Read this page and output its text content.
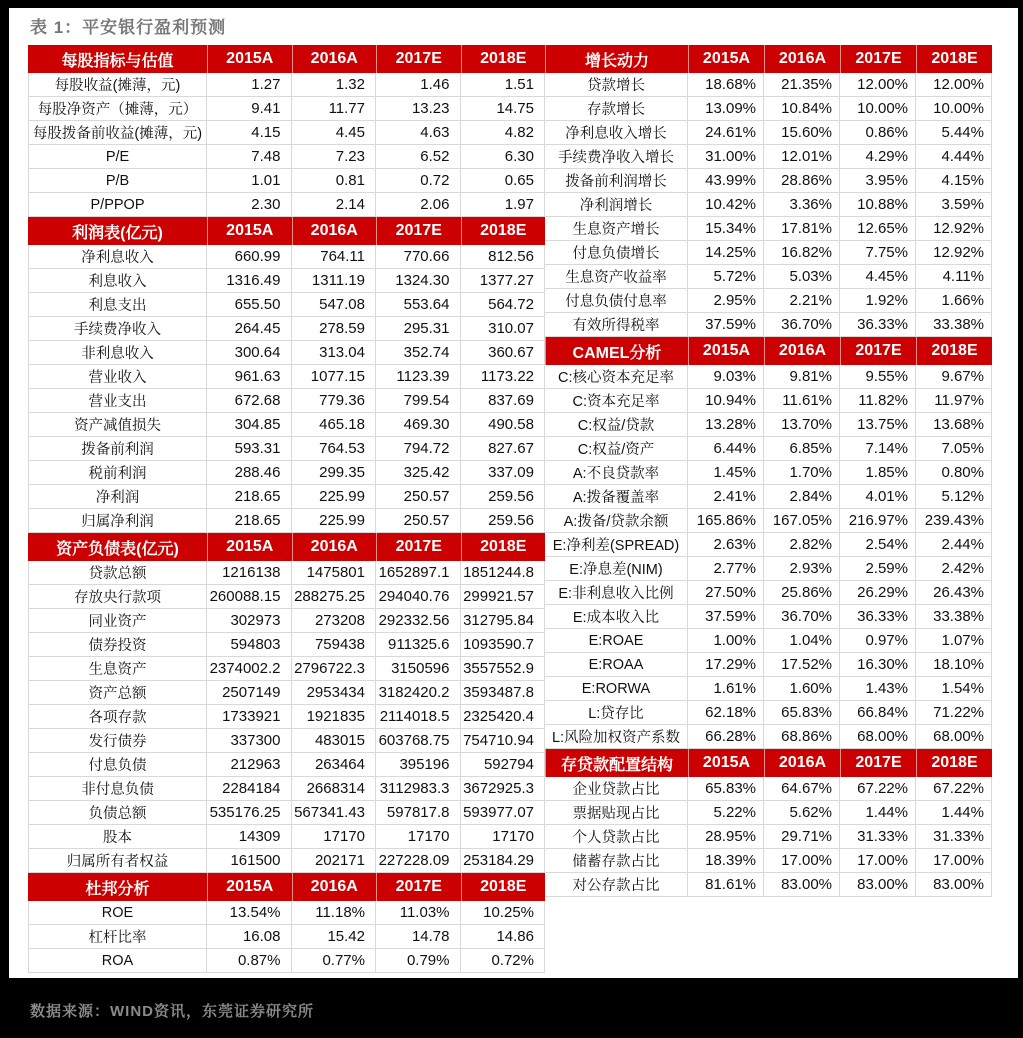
表 1：平安银行盈利预测
每股指标与估值	2015A	2016A	2017E	2018E
每股收益(摊薄，元)	1.27	1.32	1.46	1.51
每股净资产（摊薄，元）	9.41	11.77	13.23	14.75
每股拨备前收益(摊薄，元)	4.15	4.45	4.63	4.82
P/E	7.48	7.23	6.52	6.30
P/B	1.01	0.81	0.72	0.65
P/PPOP	2.30	2.14	2.06	1.97
利润表(亿元)	2015A	2016A	2017E	2018E
净利息收入	660.99	764.11	770.66	812.56
利息收入	1316.49	1311.19	1324.30	1377.27
利息支出	655.50	547.08	553.64	564.72
手续费净收入	264.45	278.59	295.31	310.07
非利息收入	300.64	313.04	352.74	360.67
营业收入	961.63	1077.15	1123.39	1173.22
营业支出	672.68	779.36	799.54	837.69
资产减值损失	304.85	465.18	469.30	490.58
拨备前利润	593.31	764.53	794.72	827.67
税前利润	288.46	299.35	325.42	337.09
净利润	218.65	225.99	250.57	259.56
归属净利润	218.65	225.99	250.57	259.56
资产负债表(亿元)	2015A	2016A	2017E	2018E
贷款总额	1216138	1475801 1652897.1 1851244.8
存放央行款项	260088.15 288275.25 294040.76 299921.57
同业资产	302973	273208 292332.56 312795.84
债券投资	594803	759438	911325.6 1093590.7
生息资产	2374002.2 2796722.3	3150596 3557552.9
资产总额	2507149	2953434 3182420.2 3593487.8
各项存款	1733921	1921835 2114018.5 2325420.4
发行债券	337300	483015 603768.75 754710.94
付息负债	212963	263464	395196	592794
非付息负债	2284184	2668314 3112983.3 3672925.3
负债总额	535176.25 567341.43	597817.8 593977.07
股本	14309	17170	17170	17170
归属所有者权益	161500	202171 227228.09 253184.29
杜邦分析	2015A	2016A	2017E	2018E
ROE	13.54%	11.18%	11.03%	10.25%
杠杆比率	16.08	15.42	14.78	14.86
ROA	0.87%	0.77%	0.79%	0.72%
增长动力	2015A	2016A	2017E	2018E
贷款增长	18.68%	21.35%	12.00%	12.00%
存款增长	13.09%	10.84%	10.00%	10.00%
净利息收入增长	24.61%	15.60%	0.86%	5.44%
手续费净收入增长	31.00%	12.01%	4.29%	4.44%
拨备前利润增长	43.99%	28.86%	3.95%	4.15%
净利润增长	10.42%	3.36%	10.88%	3.59%
生息资产增长	15.34%	17.81%	12.65%	12.92%
付息负债增长	14.25%	16.82%	7.75%	12.92%
生息资产收益率	5.72%	5.03%	4.45%	4.11%
付息负债付息率	2.95%	2.21%	1.92%	1.66%
有效所得税率	37.59%	36.70%	36.33%	33.38%
CAMEL分析	2015A	2016A	2017E	2018E
C:核心资本充足率	9.03%	9.81%	9.55%	9.67%
C:资本充足率	10.94%	11.61%	11.82%	11.97%
C:权益/贷款	13.28%	13.70%	13.75%	13.68%
C:权益/资产	6.44%	6.85%	7.14%	7.05%
A:不良贷款率	1.45%	1.70%	1.85%	0.80%
A:拨备覆盖率	2.41%	2.84%	4.01%	5.12%
A:拨备/贷款余额	165.86%	167.05%	216.97%	239.43%
E:净利差(SPREAD)	2.63%	2.82%	2.54%	2.44%
E:净息差(NIM)	2.77%	2.93%	2.59%	2.42%
E:非利息收入比例	27.50%	25.86%	26.29%	26.43%
E:成本收入比	37.59%	36.70%	36.33%	33.38%
E:ROAE	1.00%	1.04%	0.97%	1.07%
E:ROAA	17.29%	17.52%	16.30%	18.10%
E:RORWA	1.61%	1.60%	1.43%	1.54%
L:贷存比	62.18%	65.83%	66.84%	71.22%
L:风险加权资产系数	66.28%	68.86%	68.00%	68.00%
存贷款配置结构	2015A	2016A	2017E	2018E
企业贷款占比	65.83%	64.67%	67.22%	67.22%
票据贴现占比	5.22%	5.62%	1.44%	1.44%
个人贷款占比	28.95%	29.71%	31.33%	31.33%
储蓄存款占比	18.39%	17.00%	17.00%	17.00%
对公存款占比	81.61%	83.00%	83.00%	83.00%
数据来源：WIND资讯，东莞证券研究所
